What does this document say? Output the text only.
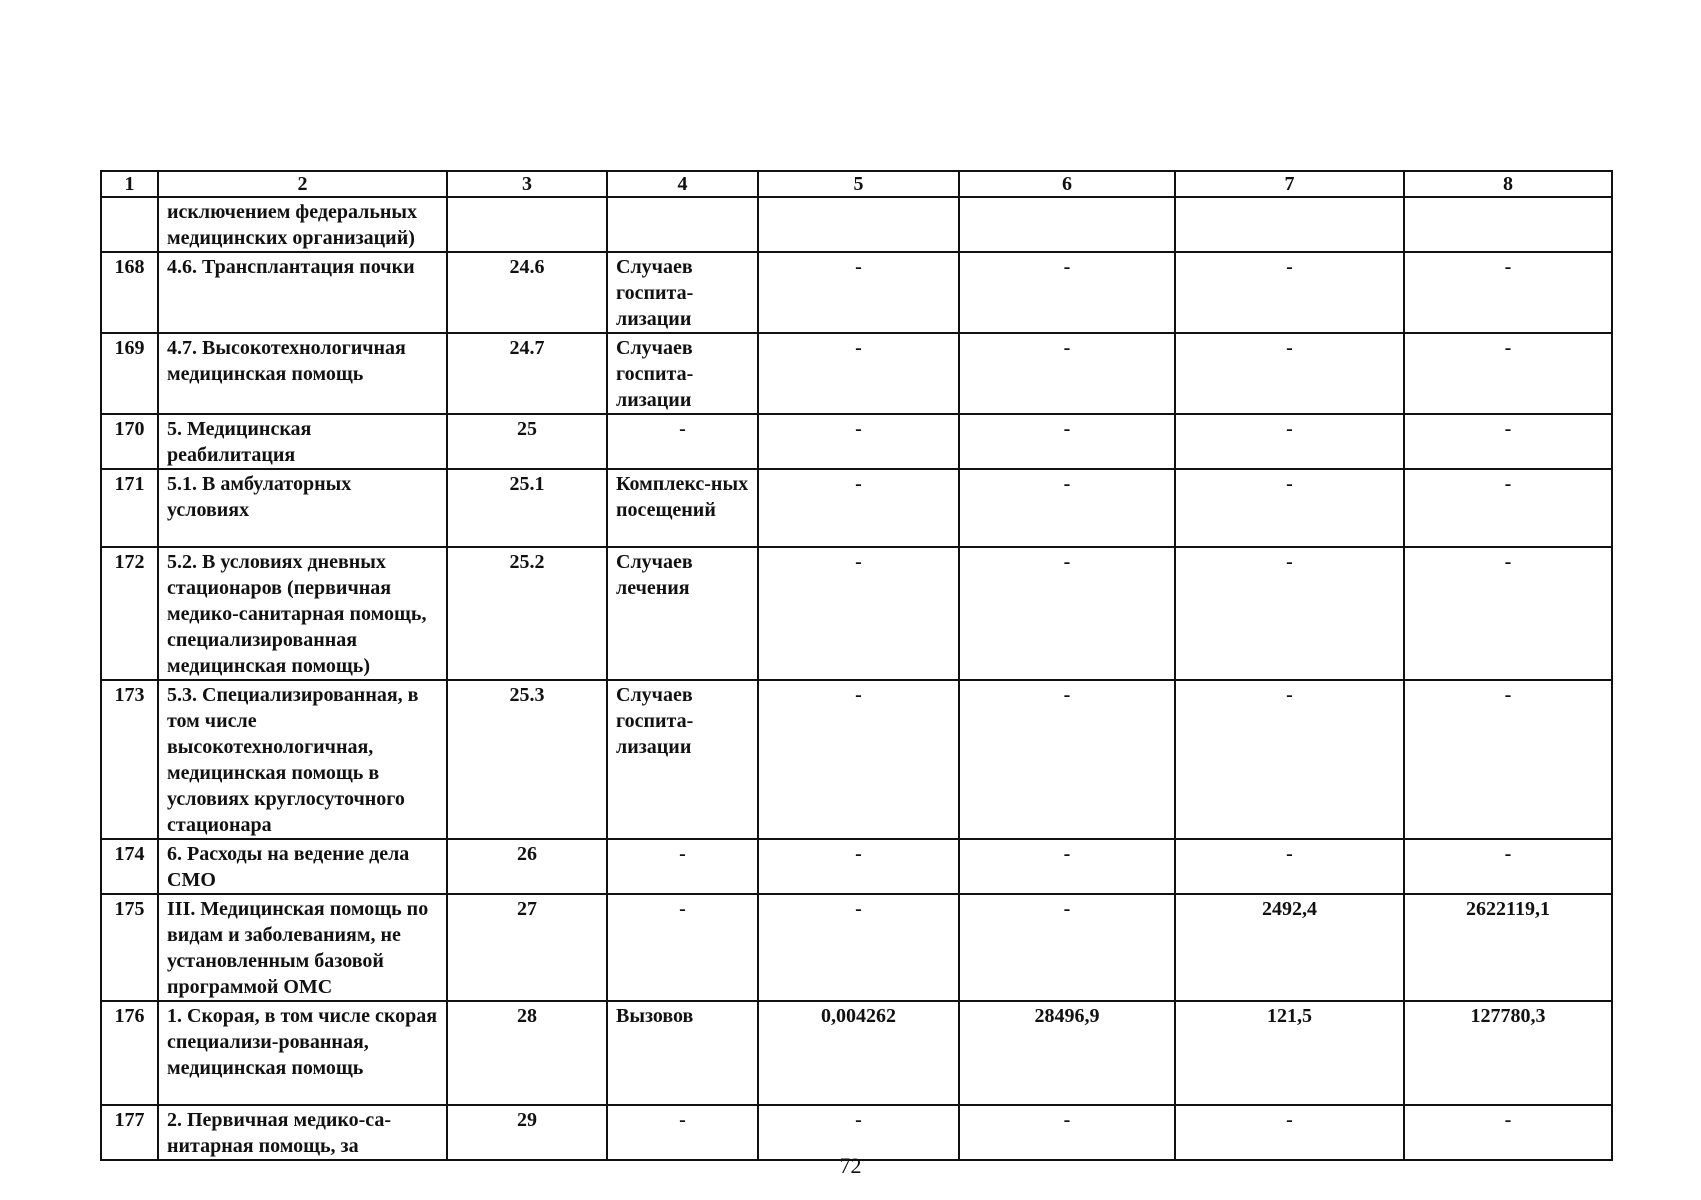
1	2	3	4	5	6	7	8
	исключением федеральных медицинских организаций)						
168	4.6. Трансплантация почки	24.6	Случаев госпита-лизации	-	-	-	-
169	4.7. Высокотехнологичная медицинская помощь	24.7	Случаев госпита-лизации	-	-	-	-
170	5. Медицинская реабилитация	25	-	-	-	-	-
171	5.1. В амбулаторных условиях	25.1	Комплекс-ных посещений	-	-	-	-
172	5.2. В условиях дневных стационаров (первичная медико-санитарная помощь, специализированная медицинская помощь)	25.2	Случаев лечения	-	-	-	-
173	5.3. Специализированная, в том числе высокотехнологичная, медицинская помощь в условиях круглосуточного стационара	25.3	Случаев госпита-лизации	-	-	-	-
174	6. Расходы на ведение дела СМО	26	-	-	-	-	-
175	III. Медицинская помощь по видам и заболеваниям, не установленным базовой программой ОМС	27	-	-	-	2492,4	2622119,1
176	1. Скорая, в том числе скорая специализи-рованная, медицинская помощь	28	Вызовов	0,004262	28496,9	121,5	127780,3
177	2. Первичная медико-са-нитарная помощь, за	29	-	-	-	-	-
72
